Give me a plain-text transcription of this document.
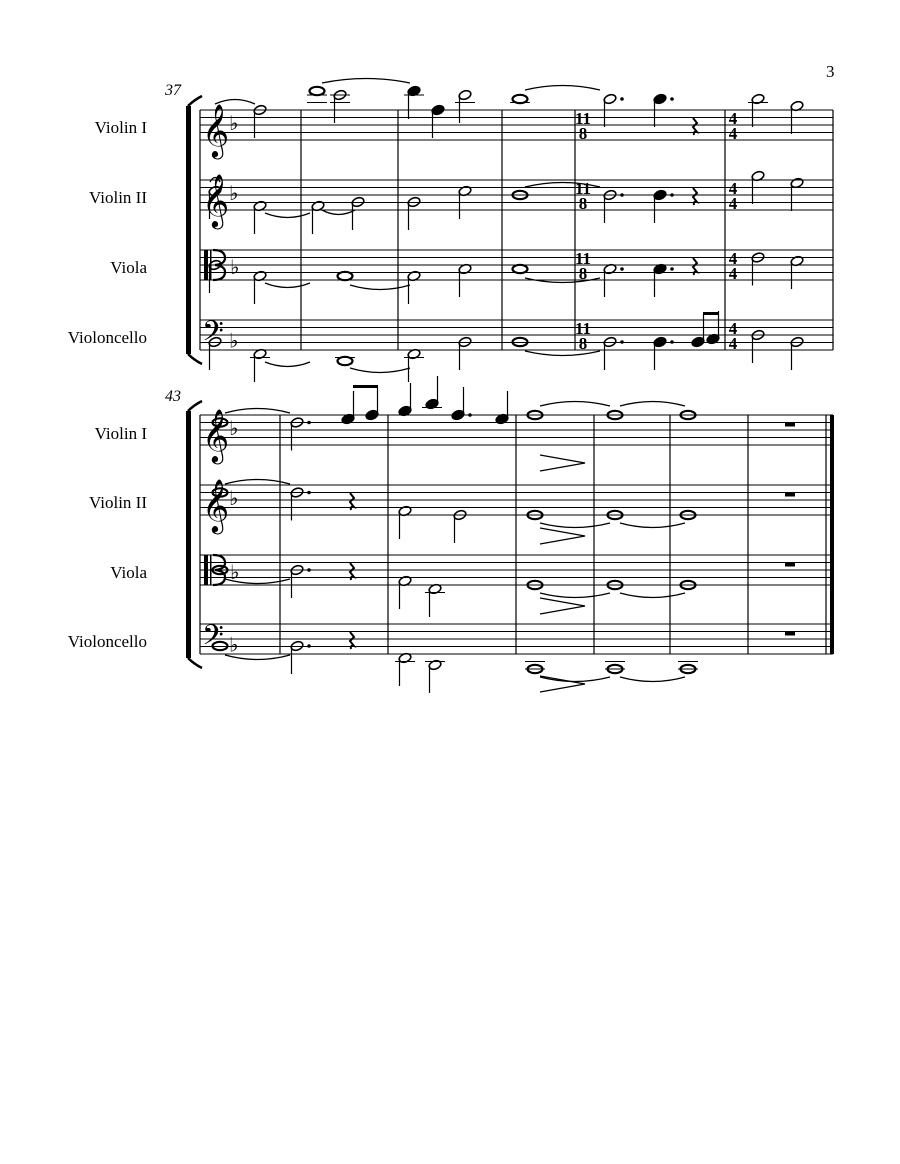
3
37
43
Violin I
Violin II
Viola
Violoncello
Violin I
Violin II
Viola
Violoncello
𝄞 ♭
𝄞 ♭
♭
𝄢 ♭
𝄞 ♭
𝄞 ♭
♭
𝄢 ♭
11
8
4
4
11
8
4
4
11
8
4
4
11
8
4
4
